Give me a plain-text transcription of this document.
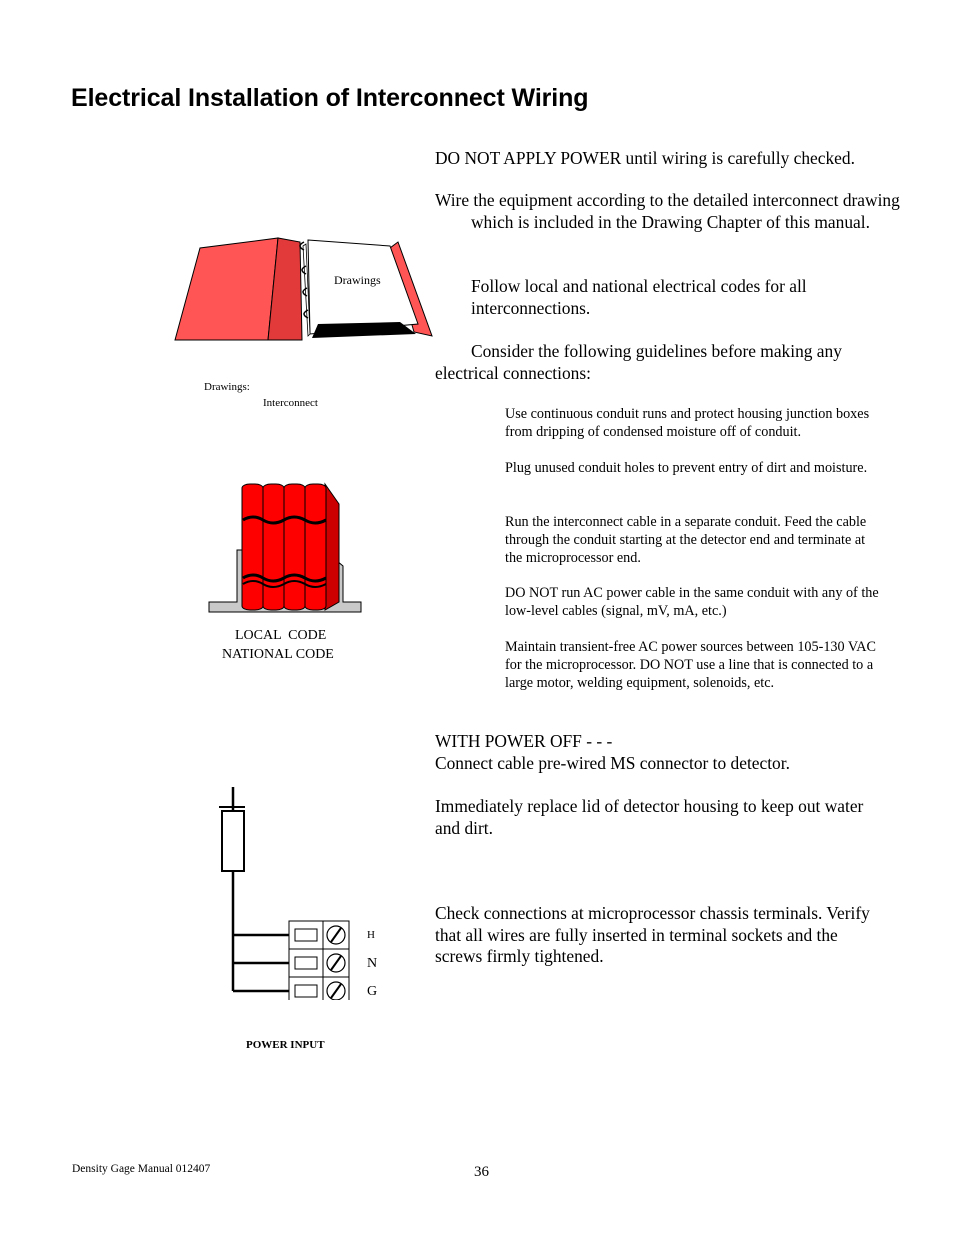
Electrical Installation of Interconnect Wiring
Drawings
Drawings:
Interconnect
LOCAL  CODE
NATIONAL CODE
H
N
G
POWER INPUT

DO NOT APPLY POWER until wiring is carefully checked.

Wire the equipment according to the detailed interconnect drawing which is included in the Drawing Chapter of this manual.

Follow local and national electrical codes for all interconnections.

Consider the following guidelines before making any electrical connections:

Use continuous conduit runs and protect housing junction boxes from dripping of condensed moisture off of conduit.

Plug unused conduit holes to prevent entry of dirt and moisture.

Run the interconnect cable in a separate conduit. Feed the cable through the conduit starting at the detector end and terminate at the microprocessor end.

DO NOT run AC power cable in the same conduit with any of the low-level cables (signal, mV, mA, etc.)

Maintain transient-free AC power sources between 105-130 VAC for the microprocessor. DO NOT use a line that is connected to a large motor, welding equipment, solenoids, etc.

WITH POWER OFF - - -

Connect cable pre-wired MS connector to detector.

Immediately replace lid of detector housing to keep out water and dirt.

Check connections at microprocessor chassis terminals. Verify that all wires are fully inserted in terminal sockets and the screws firmly tightened.

Density Gage Manual 012407	36
